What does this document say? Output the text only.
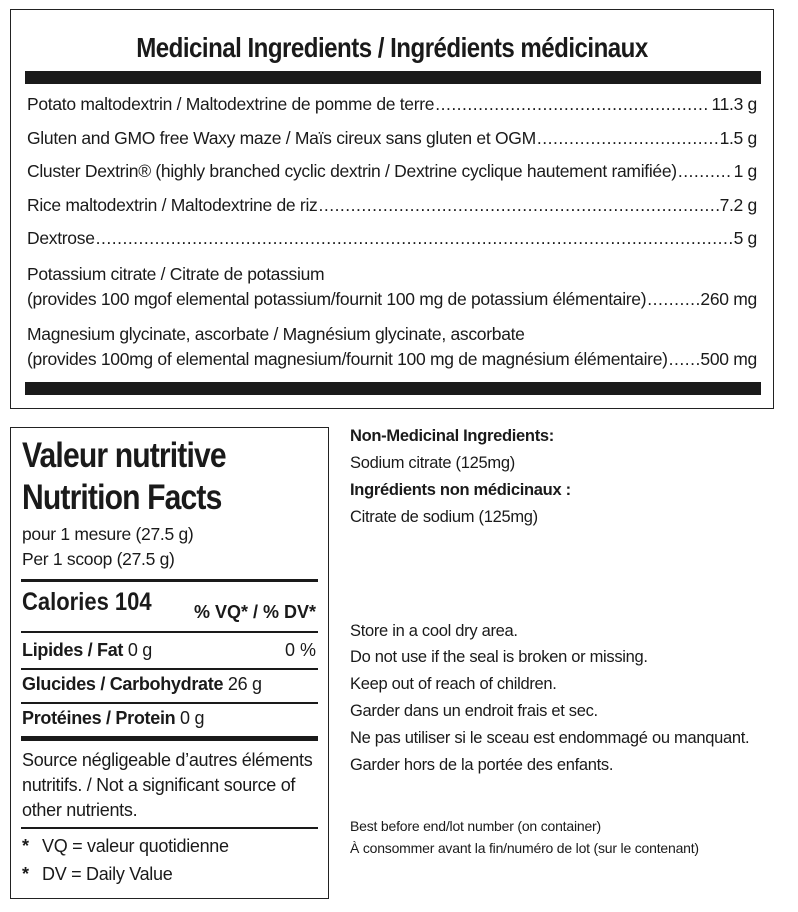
Medicinal Ingredients / Ingrédients médicinaux
Potato maltodextrin / Maltodextrine de pomme de terre .....	11.3 g
Gluten and GMO free Waxy maze / Maïs cireux sans gluten et OGM .....	1.5 g
Cluster Dextrin® (highly branched cyclic dextrin / Dextrine cyclique hautement ramifiée) .....	1 g
Rice maltodextrin / Maltodextrine de riz .....	7.2 g
Dextrose .....	5 g
Potassium citrate / Citrate de potassium
(provides 100 mgof elemental potassium/fournit 100 mg de potassium élémentaire) .....	260 mg
Magnesium glycinate, ascorbate / Magnésium glycinate, ascorbate
(provides 100mg of elemental magnesium/fournit 100 mg de magnésium élémentaire) ..... 500 mg
Valeur nutritive
Nutrition Facts
pour 1 mesure (27.5 g)
Per 1 scoop (27.5 g)
Calories 104 % VQ* / % DV*
Lipides / Fat 0 g	0 %
Glucides / Carbohydrate 26 g
Protéines / Protein 0 g
Source négligeable d’autres éléments
nutritifs. / Not a significant source of
other nutrients.
* VQ = valeur quotidienne
* DV = Daily Value
Non-Medicinal Ingredients:
Sodium citrate (125mg)
Ingrédients non médicinaux :
Citrate de sodium (125mg)
Store in a cool dry area.
Do not use if the seal is broken or missing.
Keep out of reach of children.
Garder dans un endroit frais et sec.
Ne pas utiliser si le sceau est endommagé ou manquant.
Garder hors de la portée des enfants.
Best before end/lot number (on container)
À consommer avant la fin/numéro de lot (sur le contenant)
